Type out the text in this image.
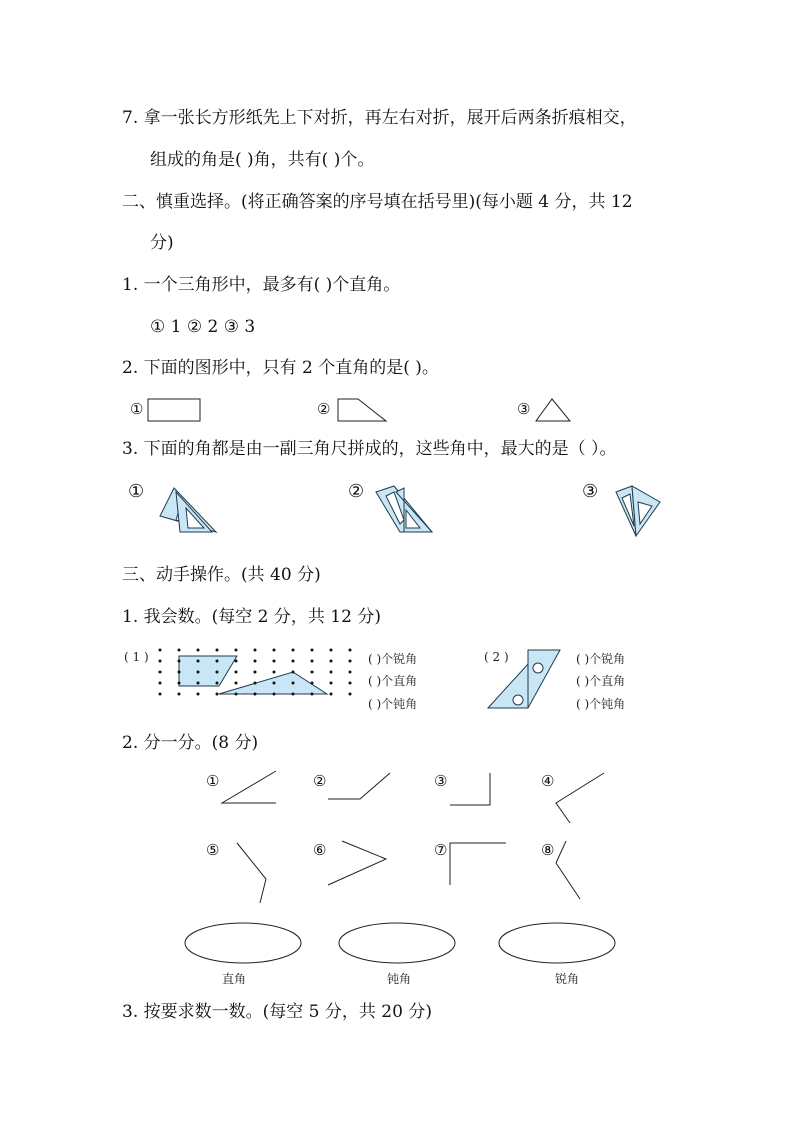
7. 拿一张长方形纸先上下对折，再左右对折，展开后两条折痕相交，
组成的角是( )角，共有( )个。
二、慎重选择。(将正确答案的序号填在括号里)(每小题 4 分，共 12
分)
1. 一个三角形中，最多有( )个直角。
① 1 ② 2 ③ 3
2. 下面的图形中，只有 2 个直角的是( )。
①	②	③
3. 下面的角都是由一副三角尺拼成的，这些角中，最大的是（ ）。
①	②	③
三、动手操作。(共 40 分)
1. 我会数。(每空 2 分，共 12 分)
( 1 )	( )个锐角
( )个直角
( )个钝角
( 2 )	( )个锐角
( )个直角
( )个钝角
2. 分一分。(8 分)
①	②	③	④
⑤	⑥	⑦	⑧
直角	钝角	锐角
3. 按要求数一数。(每空 5 分，共 20 分)
